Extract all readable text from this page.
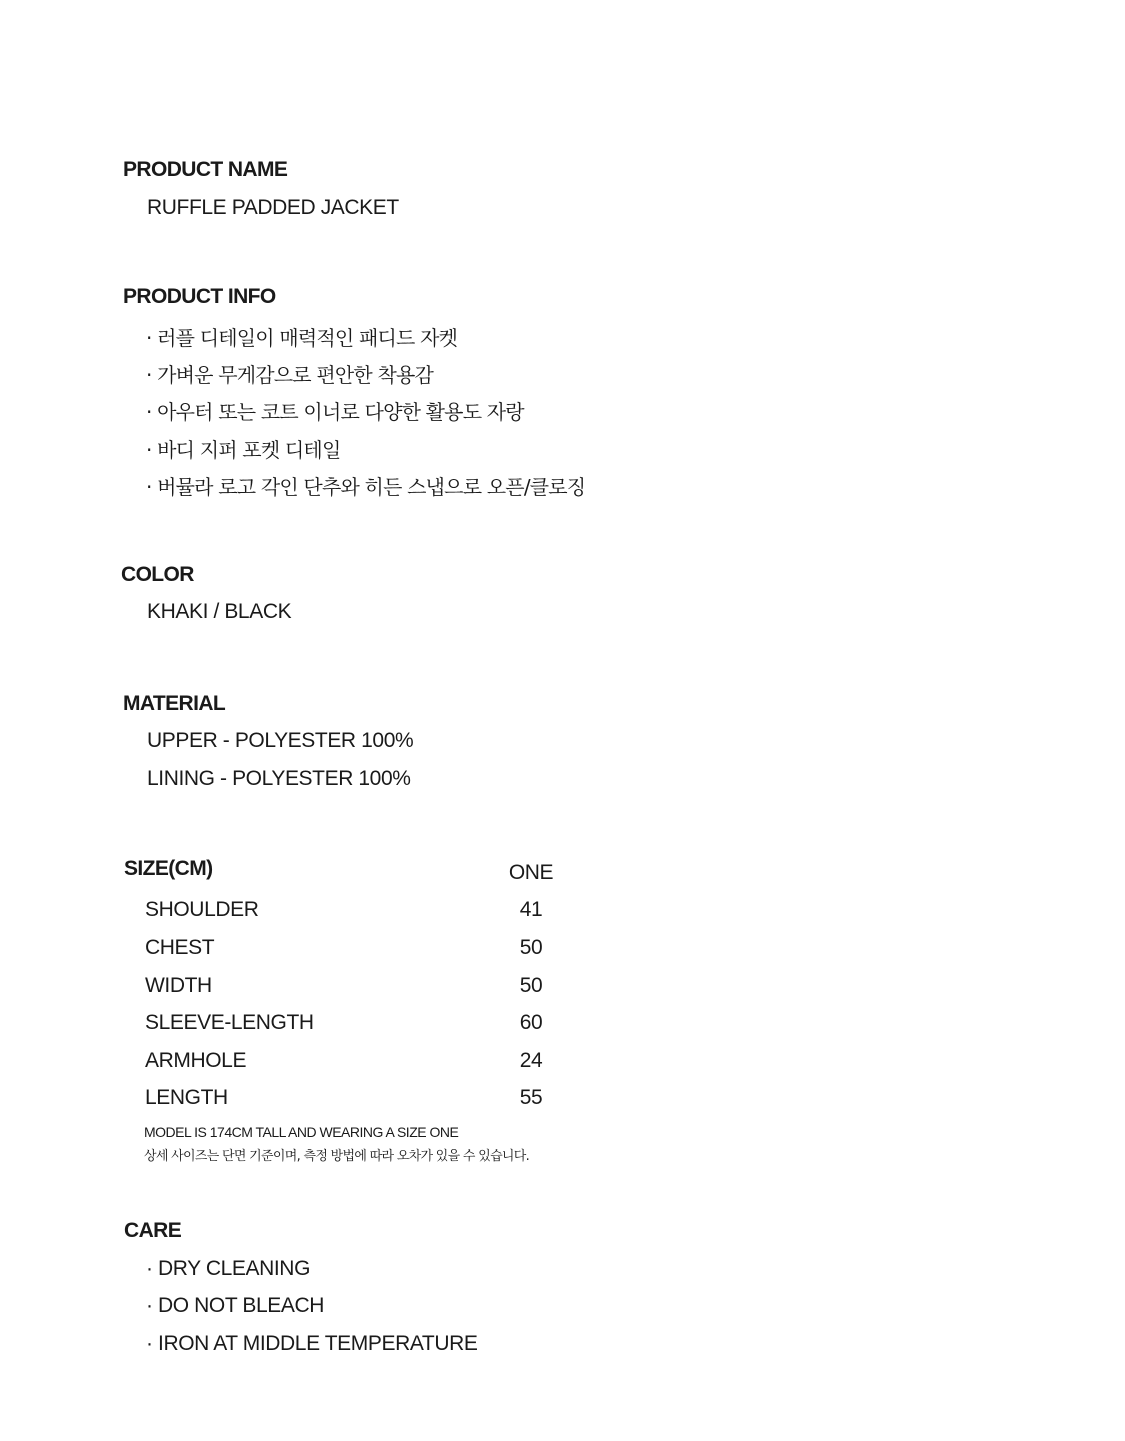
PRODUCT NAME
RUFFLE PADDED JACKET
PRODUCT INFO
· 러플 디테일이 매력적인 패디드 자켓
· 가벼운 무게감으로 편안한 착용감
· 아우터 또는 코트 이너로 다양한 활용도 자랑
· 바디 지퍼 포켓 디테일
· 버뮬라 로고 각인 단추와 히든 스냅으로 오픈/클로징
COLOR
KHAKI / BLACK
MATERIAL
UPPER - POLYESTER 100%
LINING - POLYESTER 100%
SIZE(CM)	ONE
SHOULDER	41
CHEST	50
WIDTH	50
SLEEVE-LENGTH	60
ARMHOLE	24
LENGTH	55
MODEL IS 174CM TALL AND WEARING A SIZE ONE
상세 사이즈는 단면 기준이며, 측정 방법에 따라 오차가 있을 수 있습니다.
CARE
· DRY CLEANING
· DO NOT BLEACH
· IRON AT MIDDLE TEMPERATURE
